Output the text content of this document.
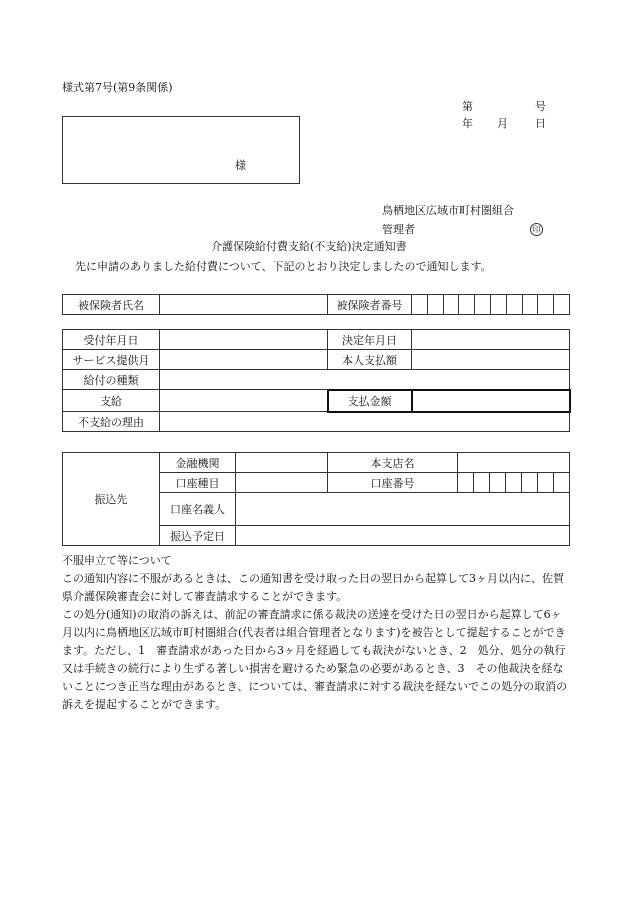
様式第7号(第9条関係)
第	号
年 月 日
様
鳥栖地区広域市町村圏組合
管理者	印
介護保険給付費支給(不支給)決定通知書
先に申請のありました給付費について、下記のとおり決定しましたので通知します。
被保険者氏名		被保険者番号										
受付年月日		決定年月日	
サービス提供月		本人支払額	
給付の種類			
支給		支払金額	
不支給の理由			
振込先	金融機関		本支店名							
	口座種目		口座番号							
	口座名義人									
	振込予定日									

不服申立て等について

この通知内容に不服があるときは、この通知書を受け取った日の翌日から起算して3ヶ月以内に、佐賀県介護保険審査会に対して審査請求することができます。

この処分(通知)の取消の訴えは、前記の審査請求に係る裁決の送達を受けた日の翌日から起算して6ヶ月以内に鳥栖地区広域市町村圏組合(代表者は組合管理者となります)を被告として提起することができます。ただし、1　審査請求があった日から3ヶ月を経過しても裁決がないとき、2　処分、処分の執行又は手続きの続行により生ずる著しい損害を避けるため緊急の必要があるとき、3　その他裁決を経ないことにつき正当な理由があるとき、については、審査請求に対する裁決を経ないでこの処分の取消の訴えを提起することができます。
